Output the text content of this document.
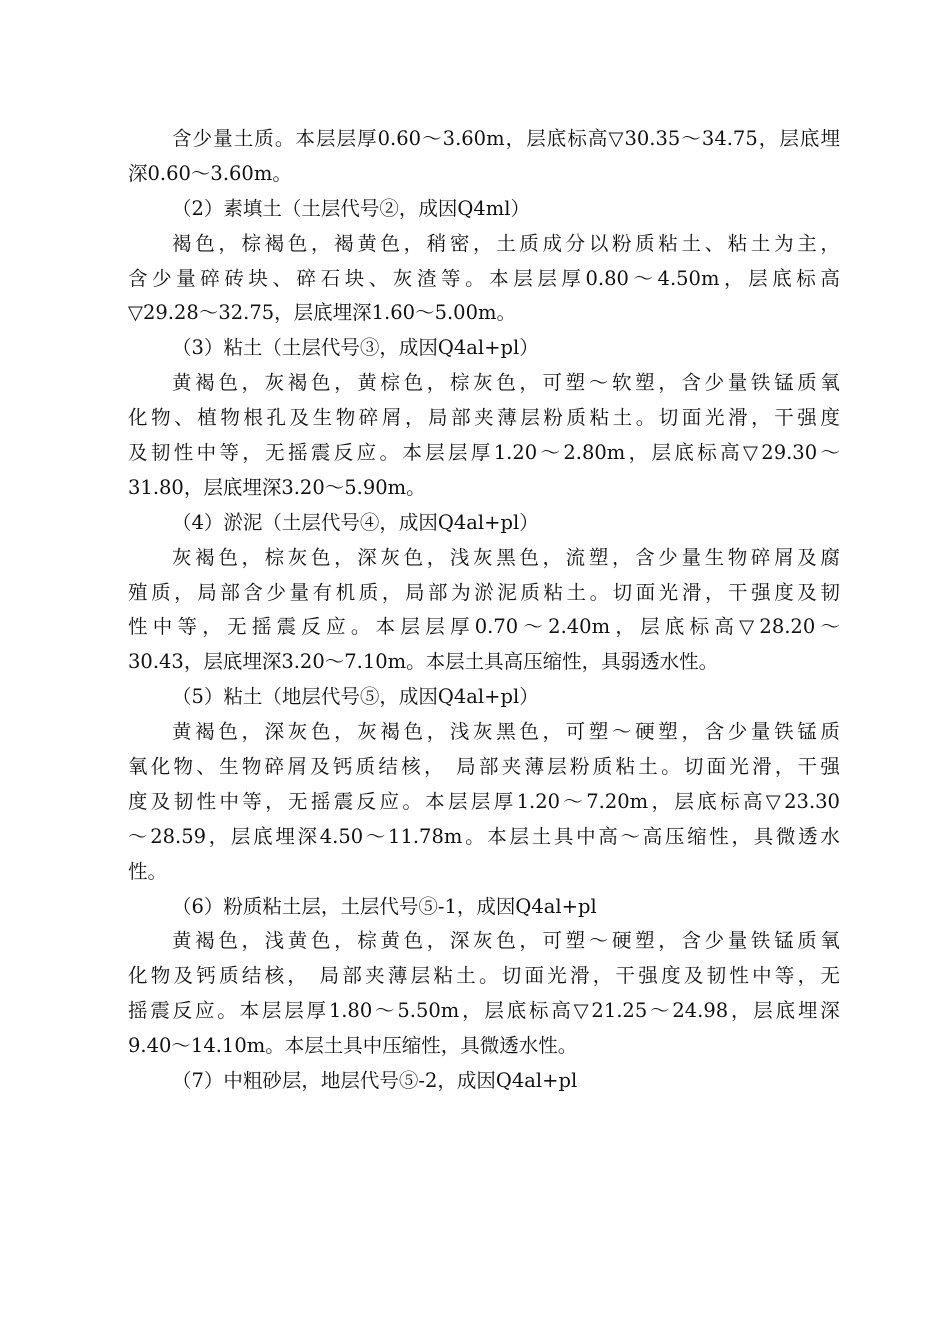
含 少 量 土 质 。 本 层 层 厚 0.60 ～ 3.60m ， 层 底 标 高 ▽ 30.35 ～ 34.75 ， 层 底 埋
深0.60～3.60m。
（2）素填土（土层代号②，成因Q4ml）
褐 色 ， 棕 褐 色 ， 褐 黄 色 ， 稍 密 ， 土 质 成 分 以 粉 质 粘 土 、 粘 土 为 主 ，
含 少 量 碎 砖 块 、 碎 石 块 、 灰 渣 等 。 本 层 层 厚 0.80 ～ 4.50m ， 层 底 标 高
▽29.28～32.75，层底埋深1.60～5.00m。
（3）粘土（土层代号③，成因Q4al+pl）
黄 褐 色 ， 灰 褐 色 ， 黄 棕 色 ， 棕 灰 色 ， 可 塑 ～ 软 塑 ， 含 少 量 铁 锰 质 氧
化 物 、 植 物 根 孔 及 生 物 碎 屑 ， 局 部 夹 薄 层 粉 质 粘 土 。 切 面 光 滑 ， 干 强 度
及 韧 性 中 等 ， 无 摇 震 反 应 。 本 层 层 厚 1.20 ～ 2.80m ， 层 底 标 高 ▽ 29.30 ～
31.80，层底埋深3.20～5.90m。
（4）淤泥（土层代号④，成因Q4al+pl）
灰 褐 色 ， 棕 灰 色 ， 深 灰 色 ， 浅 灰 黑 色 ， 流 塑 ， 含 少 量 生 物 碎 屑 及 腐
殖 质 ， 局 部 含 少 量 有 机 质 ， 局 部 为 淤 泥 质 粘 土 。 切 面 光 滑 ， 干 强 度 及 韧
性 中 等 ， 无 摇 震 反 应 。 本 层 层 厚 0.70 ～ 2.40m ， 层 底 标 高 ▽ 28.20 ～
30.43，层底埋深3.20～7.10m。本层土具高压缩性，具弱透水性。
（5）粘土（地层代号⑤，成因Q4al+pl）
黄 褐 色 ， 深 灰 色 ， 灰 褐 色 ， 浅 灰 黑 色 ， 可 塑 ～ 硬 塑 ， 含 少 量 铁 锰 质
氧 化 物 、 生 物 碎 屑 及 钙 质 结 核 ，
局 部 夹 薄 层 粉 质 粘 土 。 切 面 光 滑 ， 干 强
度 及 韧 性 中 等 ， 无 摇 震 反 应 。 本 层 层 厚 1.20 ～ 7.20m ， 层 底 标 高 ▽ 23.30
～ 28.59 ， 层 底 埋 深 4.50 ～ 11.78m 。 本 层 土 具 中 高 ～ 高 压 缩 性 ， 具 微 透 水
性。
（6）粉质粘土层，土层代号⑤-1，成因Q4al+pl
黄 褐 色 ， 浅 黄 色 ， 棕 黄 色 ， 深 灰 色 ， 可 塑 ～ 硬 塑 ， 含 少 量 铁 锰 质 氧
化 物 及 钙 质 结 核 ，
局 部 夹 薄 层 粘 土 。 切 面 光 滑 ， 干 强 度 及 韧 性 中 等 ， 无
摇 震 反 应 。 本 层 层 厚 1.80 ～ 5.50m ， 层 底 标 高 ▽ 21.25 ～ 24.98 ， 层 底 埋 深
9.40～14.10m。本层土具中压缩性，具微透水性。
（7）中粗砂层，地层代号⑤-2，成因Q4al+pl
